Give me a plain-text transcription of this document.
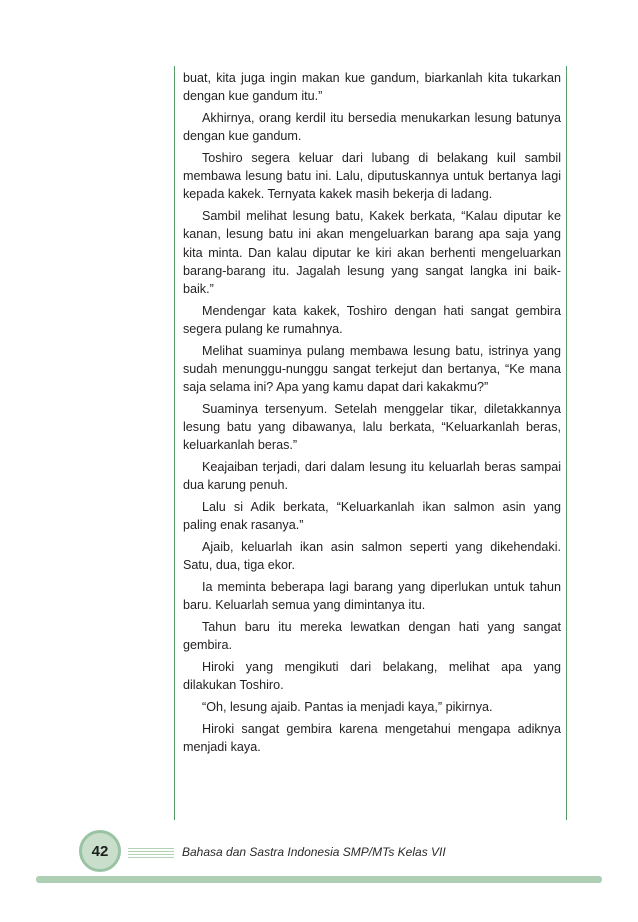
buat, kita juga ingin makan kue gandum, biarkanlah kita tukarkan dengan kue gandum itu.”

Akhirnya, orang kerdil itu bersedia menukarkan lesung batunya dengan kue gandum.

Toshiro segera keluar dari lubang di belakang kuil sambil membawa lesung batu ini. Lalu, diputuskannya untuk bertanya lagi kepada kakek. Ternyata kakek masih bekerja di ladang.

Sambil melihat lesung batu, Kakek berkata, “Kalau diputar ke kanan, lesung batu ini akan mengeluarkan barang apa saja yang kita minta. Dan kalau diputar ke kiri akan berhenti mengeluarkan barang-barang itu. Jagalah lesung yang sangat langka ini baik-baik.”

Mendengar kata kakek, Toshiro dengan hati sangat gembira segera pulang ke rumahnya.

Melihat suaminya pulang membawa lesung batu, istrinya yang sudah menunggu-nunggu sangat terkejut dan bertanya, “Ke mana saja selama ini? Apa yang kamu dapat dari kakakmu?”

Suaminya tersenyum. Setelah menggelar tikar, diletakkannya lesung batu yang dibawanya, lalu berkata, “Keluarkanlah beras, keluarkanlah beras.”

Keajaiban terjadi, dari dalam lesung itu keluarlah beras sampai dua karung penuh.

Lalu si Adik berkata, “Keluarkanlah ikan salmon asin yang paling enak rasanya.”

Ajaib, keluarlah ikan asin salmon seperti yang dikehendaki. Satu, dua, tiga ekor.

Ia meminta beberapa lagi barang yang diperlukan untuk tahun baru. Keluarlah semua yang dimintanya itu.

Tahun baru itu mereka lewatkan dengan hati yang sangat gembira.

Hiroki yang mengikuti dari belakang, melihat apa yang dilakukan Toshiro.

“Oh, lesung ajaib. Pantas ia menjadi kaya,” pikirnya.

Hiroki sangat gembira karena mengetahui mengapa adiknya menjadi kaya.

42	Bahasa dan Sastra Indonesia SMP/MTs Kelas VII
